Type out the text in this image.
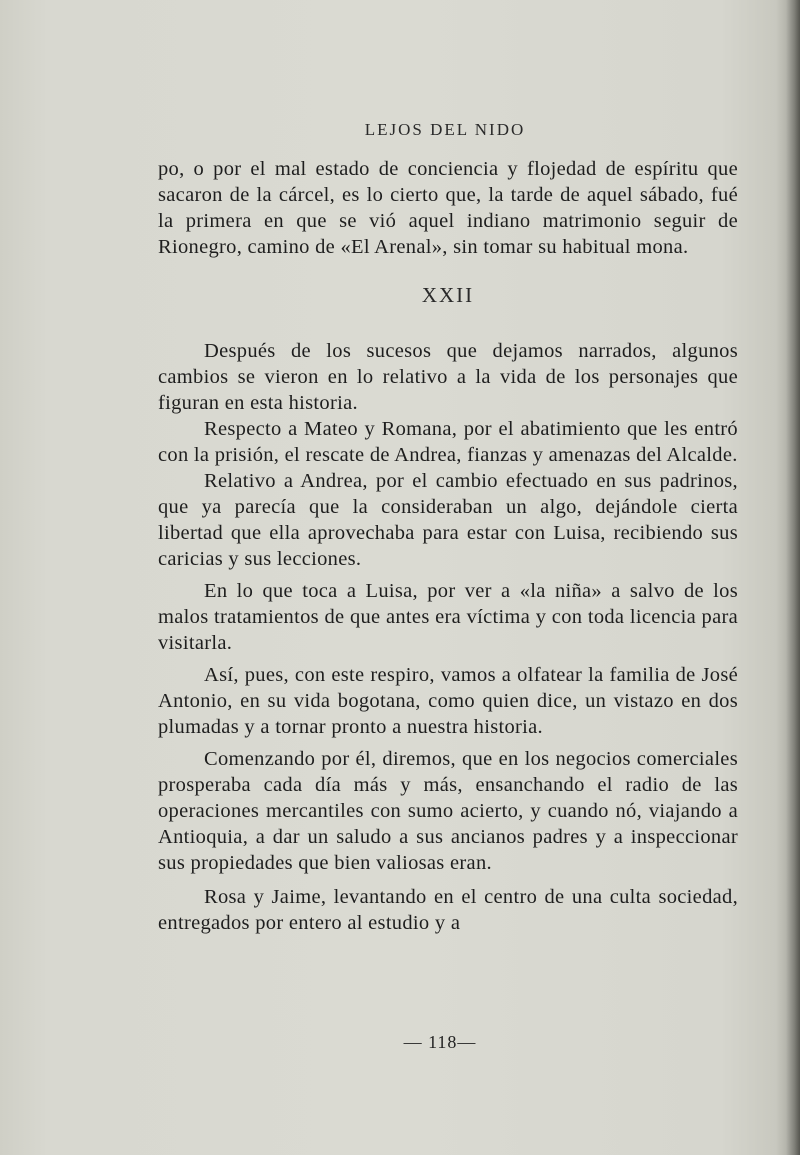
LEJOS DEL NIDO

po, o por el mal estado de conciencia y flojedad de espíritu que sacaron de la cárcel, es lo cierto que, la tarde de aquel sábado, fué la primera en que se vió aquel indiano matrimonio seguir de Rionegro, camino de «El Arenal», sin tomar su habitual mona.

XXII

Después de los sucesos que dejamos narrados, algunos cambios se vieron en lo relativo a la vida de los personajes que figuran en esta historia.

Respecto a Mateo y Romana, por el abatimiento que les entró con la prisión, el rescate de Andrea, fianzas y amenazas del Alcalde.

Relativo a Andrea, por el cambio efectuado en sus padrinos, que ya parecía que la consideraban un algo, dejándole cierta libertad que ella aprovechaba para estar con Luisa, recibiendo sus caricias y sus lecciones.

En lo que toca a Luisa, por ver a «la niña» a salvo de los malos tratamientos de que antes era víctima y con toda licencia para visitarla.

Así, pues, con este respiro, vamos a olfatear la familia de José Antonio, en su vida bogotana, como quien dice, un vistazo en dos plumadas y a tornar pronto a nuestra historia.

Comenzando por él, diremos, que en los negocios comerciales prosperaba cada día más y más, ensanchando el radio de las operaciones mercantiles con sumo acierto, y cuando nó, viajando a Antioquia, a dar un saludo a sus ancianos padres y a inspeccionar sus propiedades que bien valiosas eran.

Rosa y Jaime, levantando en el centro de una culta sociedad, entregados por entero al estudio y a

— 118—
